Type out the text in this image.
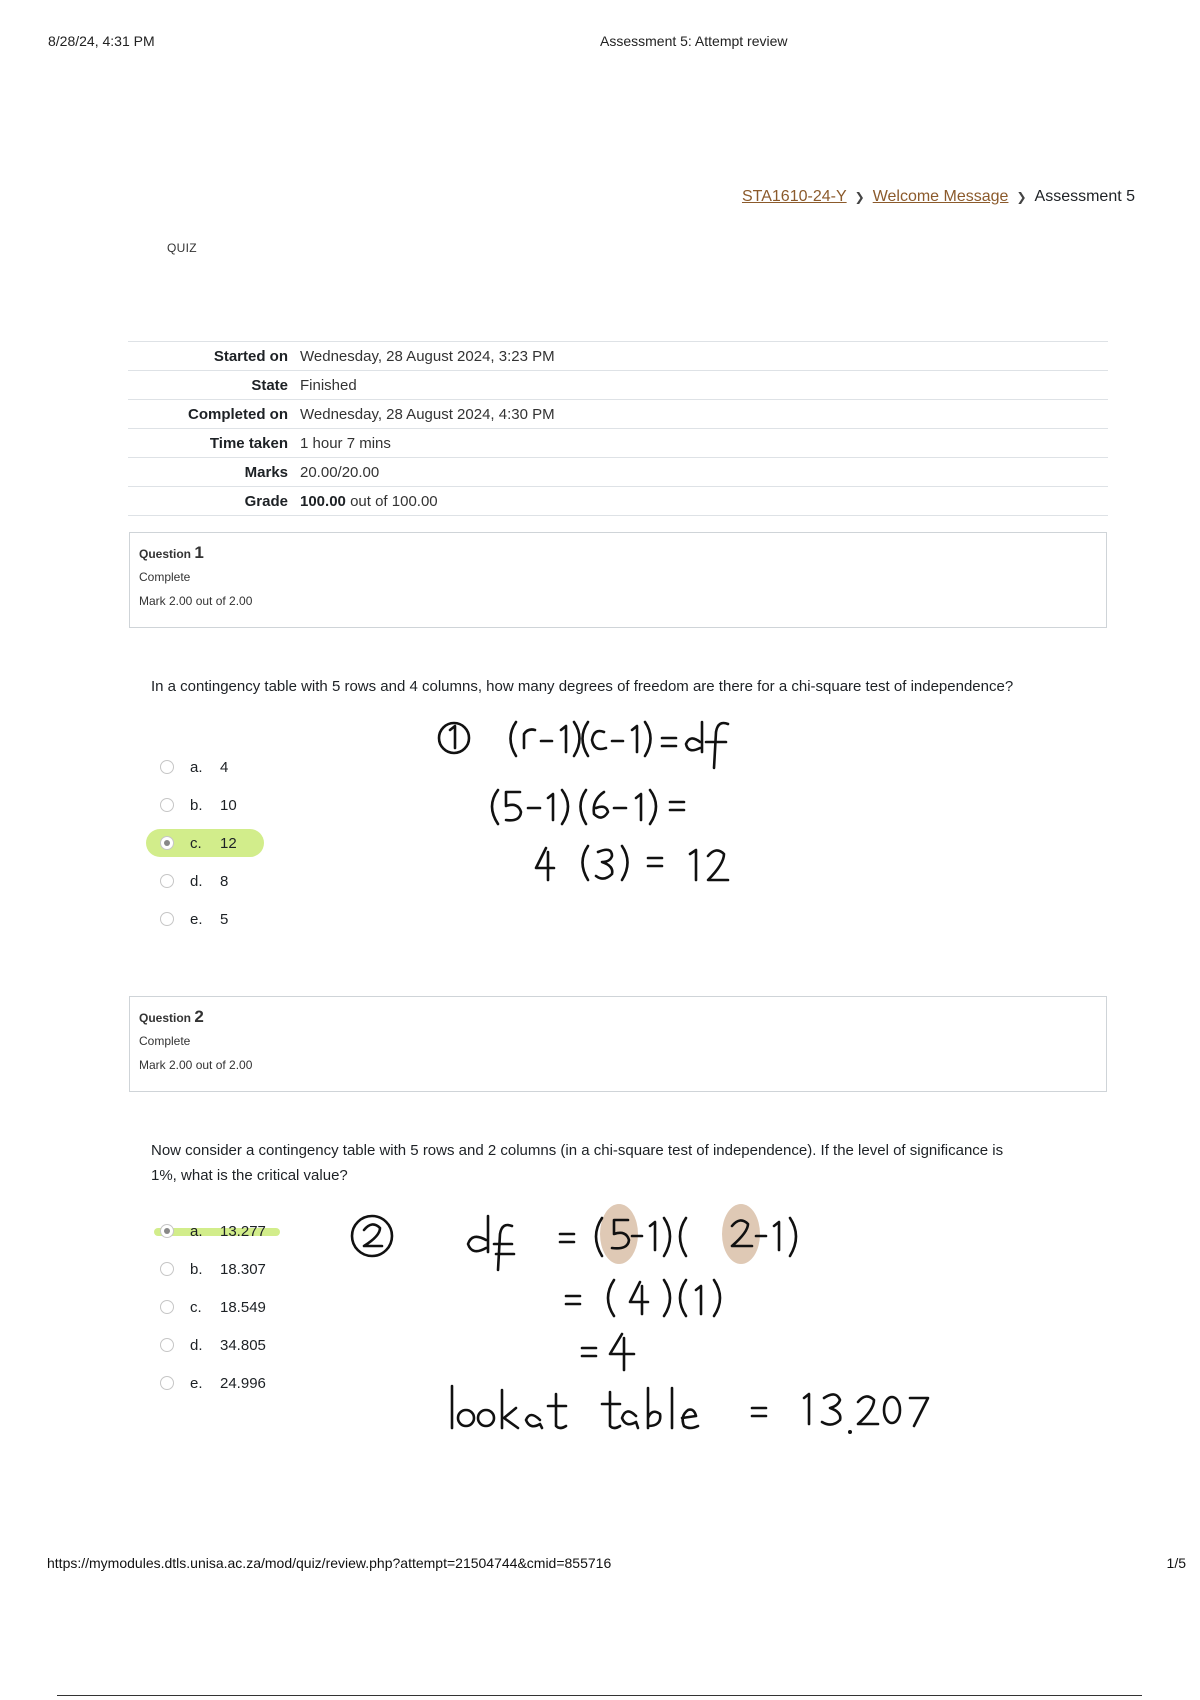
8/28/24, 4:31 PM	Assessment 5: Attempt review
STA1610-24-Y ❯ Welcome Message ❯ Assessment 5
QUIZ
Started on	Wednesday, 28 August 2024, 3:23 PM
State	Finished
Completed on	Wednesday, 28 August 2024, 4:30 PM
Time taken	1 hour 7 mins
Marks	20.00/20.00
Grade	100.00 out of 100.00
Question 1
Complete
Mark 2.00 out of 2.00
In a contingency table with 5 rows and 4 columns, how many degrees of freedom are there for a chi-square test of independence?
a.	4
b.	10
c.	12
d.	8
e.	5
Question 2
Complete
Mark 2.00 out of 2.00
Now consider a contingency table with 5 rows and 2 columns (in a chi-square test of independence). If the level of significance is 1%, what is the critical value?
a.	13.277
b.	18.307
c.	18.549
d.	34.805
e.	24.996
https://mymodules.dtls.unisa.ac.za/mod/quiz/review.php?attempt=21504744&cmid=855716	1/5
